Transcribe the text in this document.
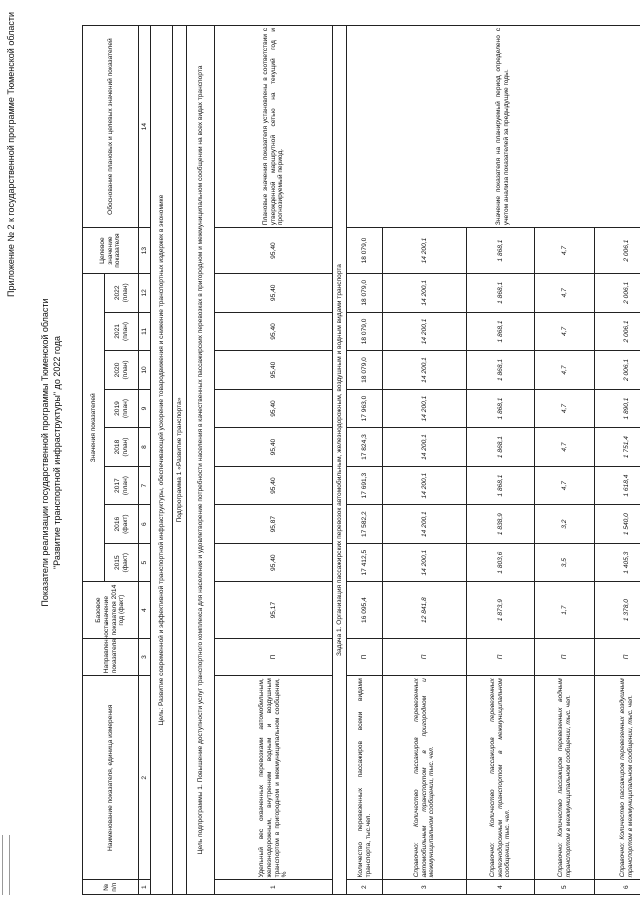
Приложение № 2 к государственной программе Тюменской области
Показатели реализации государственной программы Тюменской области "Развитие транспортной инфраструктуры" до 2022 года
№ п/п	Наименование показателя, единица измерения	Направленность показателя	Базовое значение показателя 2014 год (факт)	Значения показателей								Целевое значение показателя	Обоснование плановых и целевых значений показателей
				2015 (факт)	2016 (факт)	2017 (план)	2018 (план)	2019 (план)	2020 (план)	2021 (план)	2022 (план)		
1	2	3	4	5	6	7	8	9	10	11	12	13	14
Цель: Развитие современной и эффективной транспортной инфраструктуры, обеспечивающей ускорение товародвижения и снижение транспортных издержек в экономике													
Подпрограмма 1 «Развитие транспорта»													
Цель подпрограммы 1. Повышение доступности услуг транспортного комплекса для населения и удовлетворение потребности населения в качественных пассажирских перевозках в пригородном и межмуниципальном сообщении на всех видах транспорта													
1	Удельный вес охваченных перевозками автомобильным, железнодорожным, внутренним водным и воздушным транспортом в пригородном и межмуниципальном сообщении, %	П	95,17	95,40	95,87	95,40	95,40	95,40	95,40	95,40	95,40	95,40	Плановые значения показателя установлены в соответствии с утвержденной маршрутной сетью на текущий год и прогнозируемый период.
Задача 1. Организация пассажирских перевозок автомобильным, железнодорожным, воздушным и водным видами транспорта													
2	Количество перевезенных пассажиров всеми видами транспорта, тыс.чел.	П	16 095,4	17 412,5	17 582,2	17 691,3	17 824,3	17 963,0	18 079,0	18 079,0	18 079,0	18 079,0	Значение показателя на планируемый период определено с учетом анализа показателей за предыдущие годы.
3	Справочно: Количество пассажиров перевезенных автомобильным транспортом в пригородном и межмуниципальном сообщении, тыс. чел.	П	12 841,8	14 200,1	14 200,1	14 200,1	14 200,1	14 200,1	14 200,1	14 200,1	14 200,1	14 200,1	
4	Справочно: Количество пассажиров перевезенных железнодорожным транспортом в межмуниципальном сообщении, тыс. чел.	П	1 873,9	1 803,6	1 838,9	1 868,1	1 868,1	1 868,1	1 868,1	1 868,1	1 868,1	1 868,1	
5	Справочно: Количество пассажиров перевезенных водным транспортом в межмуниципальном сообщении, тыс. чел.	П	1,7	3,5	3,2	4,7	4,7	4,7	4,7	4,7	4,7	4,7	
6	Справочно: Количество пассажиров перевезенных воздушным транспортом в межмуниципальном сообщении, тыс. чел.	П	1 378,0	1 405,3	1 540,0	1 618,4	1 751,4	1 890,1	2 006,1	2 006,1	2 006,1	2 006,1	
